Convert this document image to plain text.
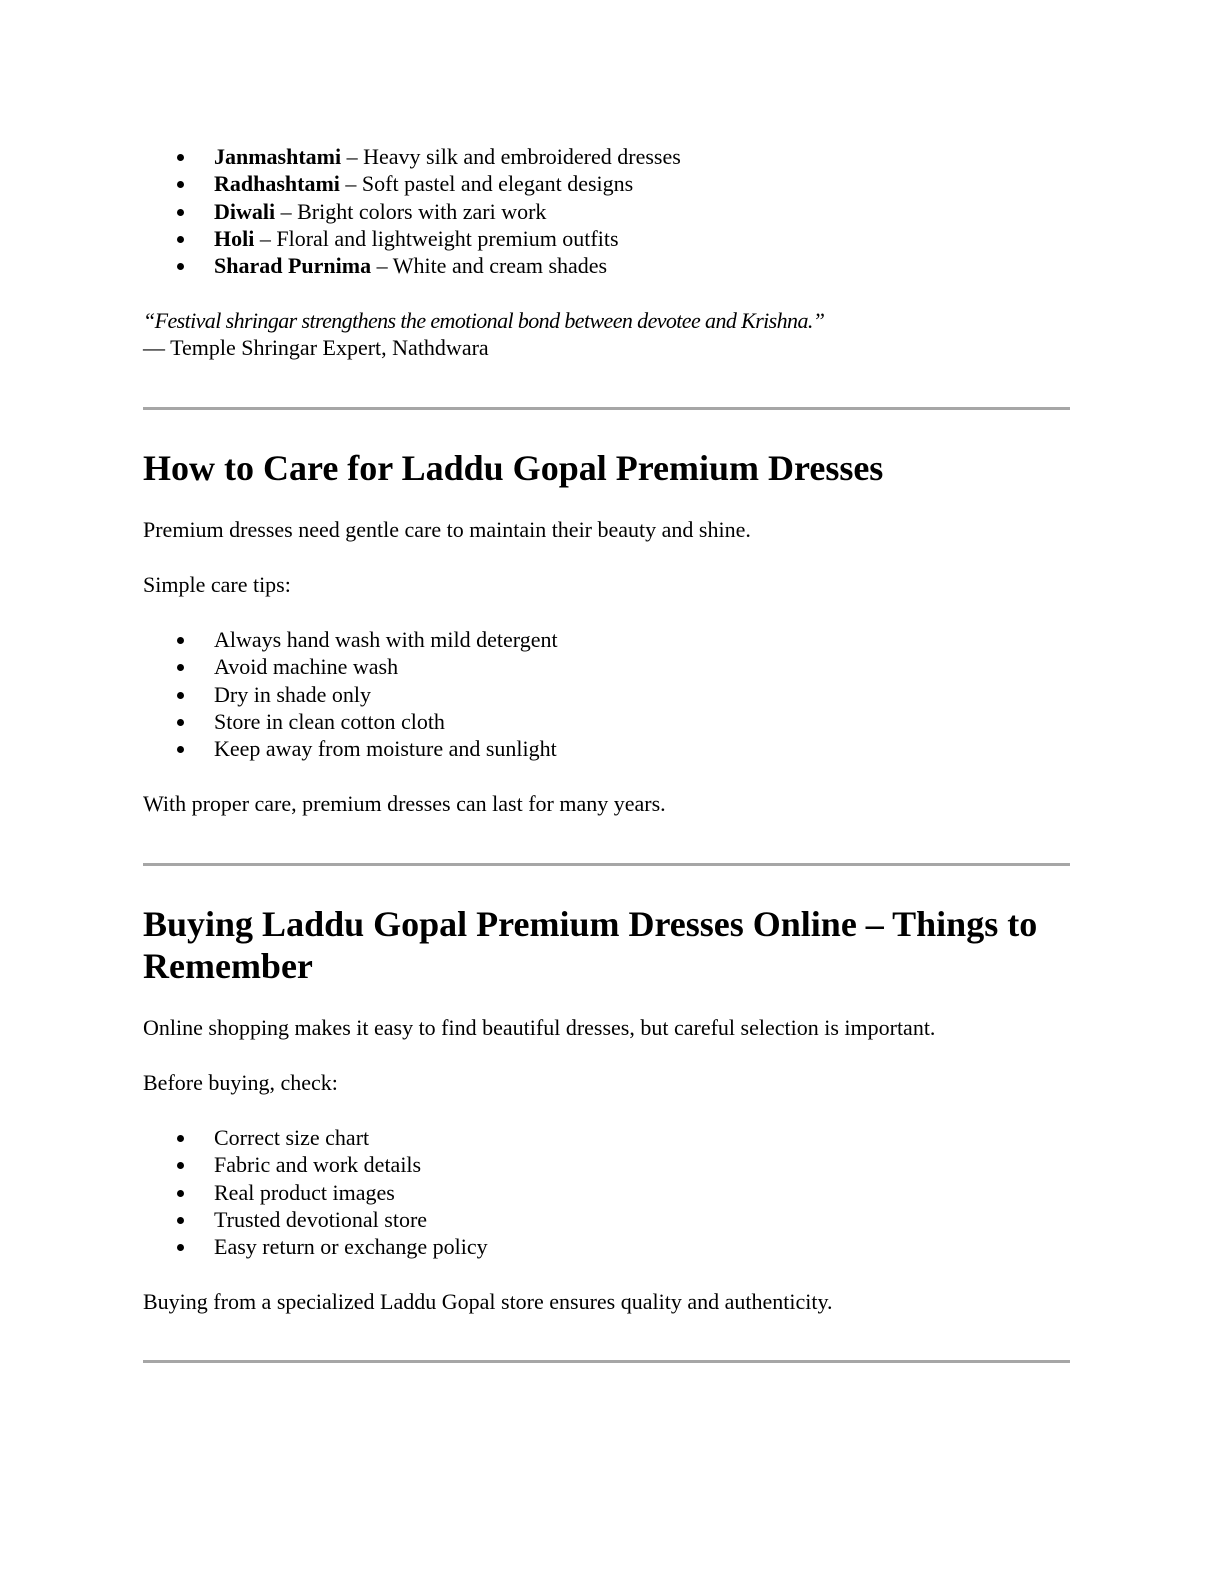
Janmashtami – Heavy silk and embroidered dresses
Radhashtami – Soft pastel and elegant designs
Diwali – Bright colors with zari work
Holi – Floral and lightweight premium outfits
Sharad Purnima – White and cream shades
“Festival shringar strengthens the emotional bond between devotee and Krishna.”
— Temple Shringar Expert, Nathdwara
How to Care for Laddu Gopal Premium Dresses
Premium dresses need gentle care to maintain their beauty and shine.
Simple care tips:
Always hand wash with mild detergent
Avoid machine wash
Dry in shade only
Store in clean cotton cloth
Keep away from moisture and sunlight
With proper care, premium dresses can last for many years.
Buying Laddu Gopal Premium Dresses Online – Things to
Remember
Online shopping makes it easy to find beautiful dresses, but careful selection is important.
Before buying, check:
Correct size chart
Fabric and work details
Real product images
Trusted devotional store
Easy return or exchange policy
Buying from a specialized Laddu Gopal store ensures quality and authenticity.
